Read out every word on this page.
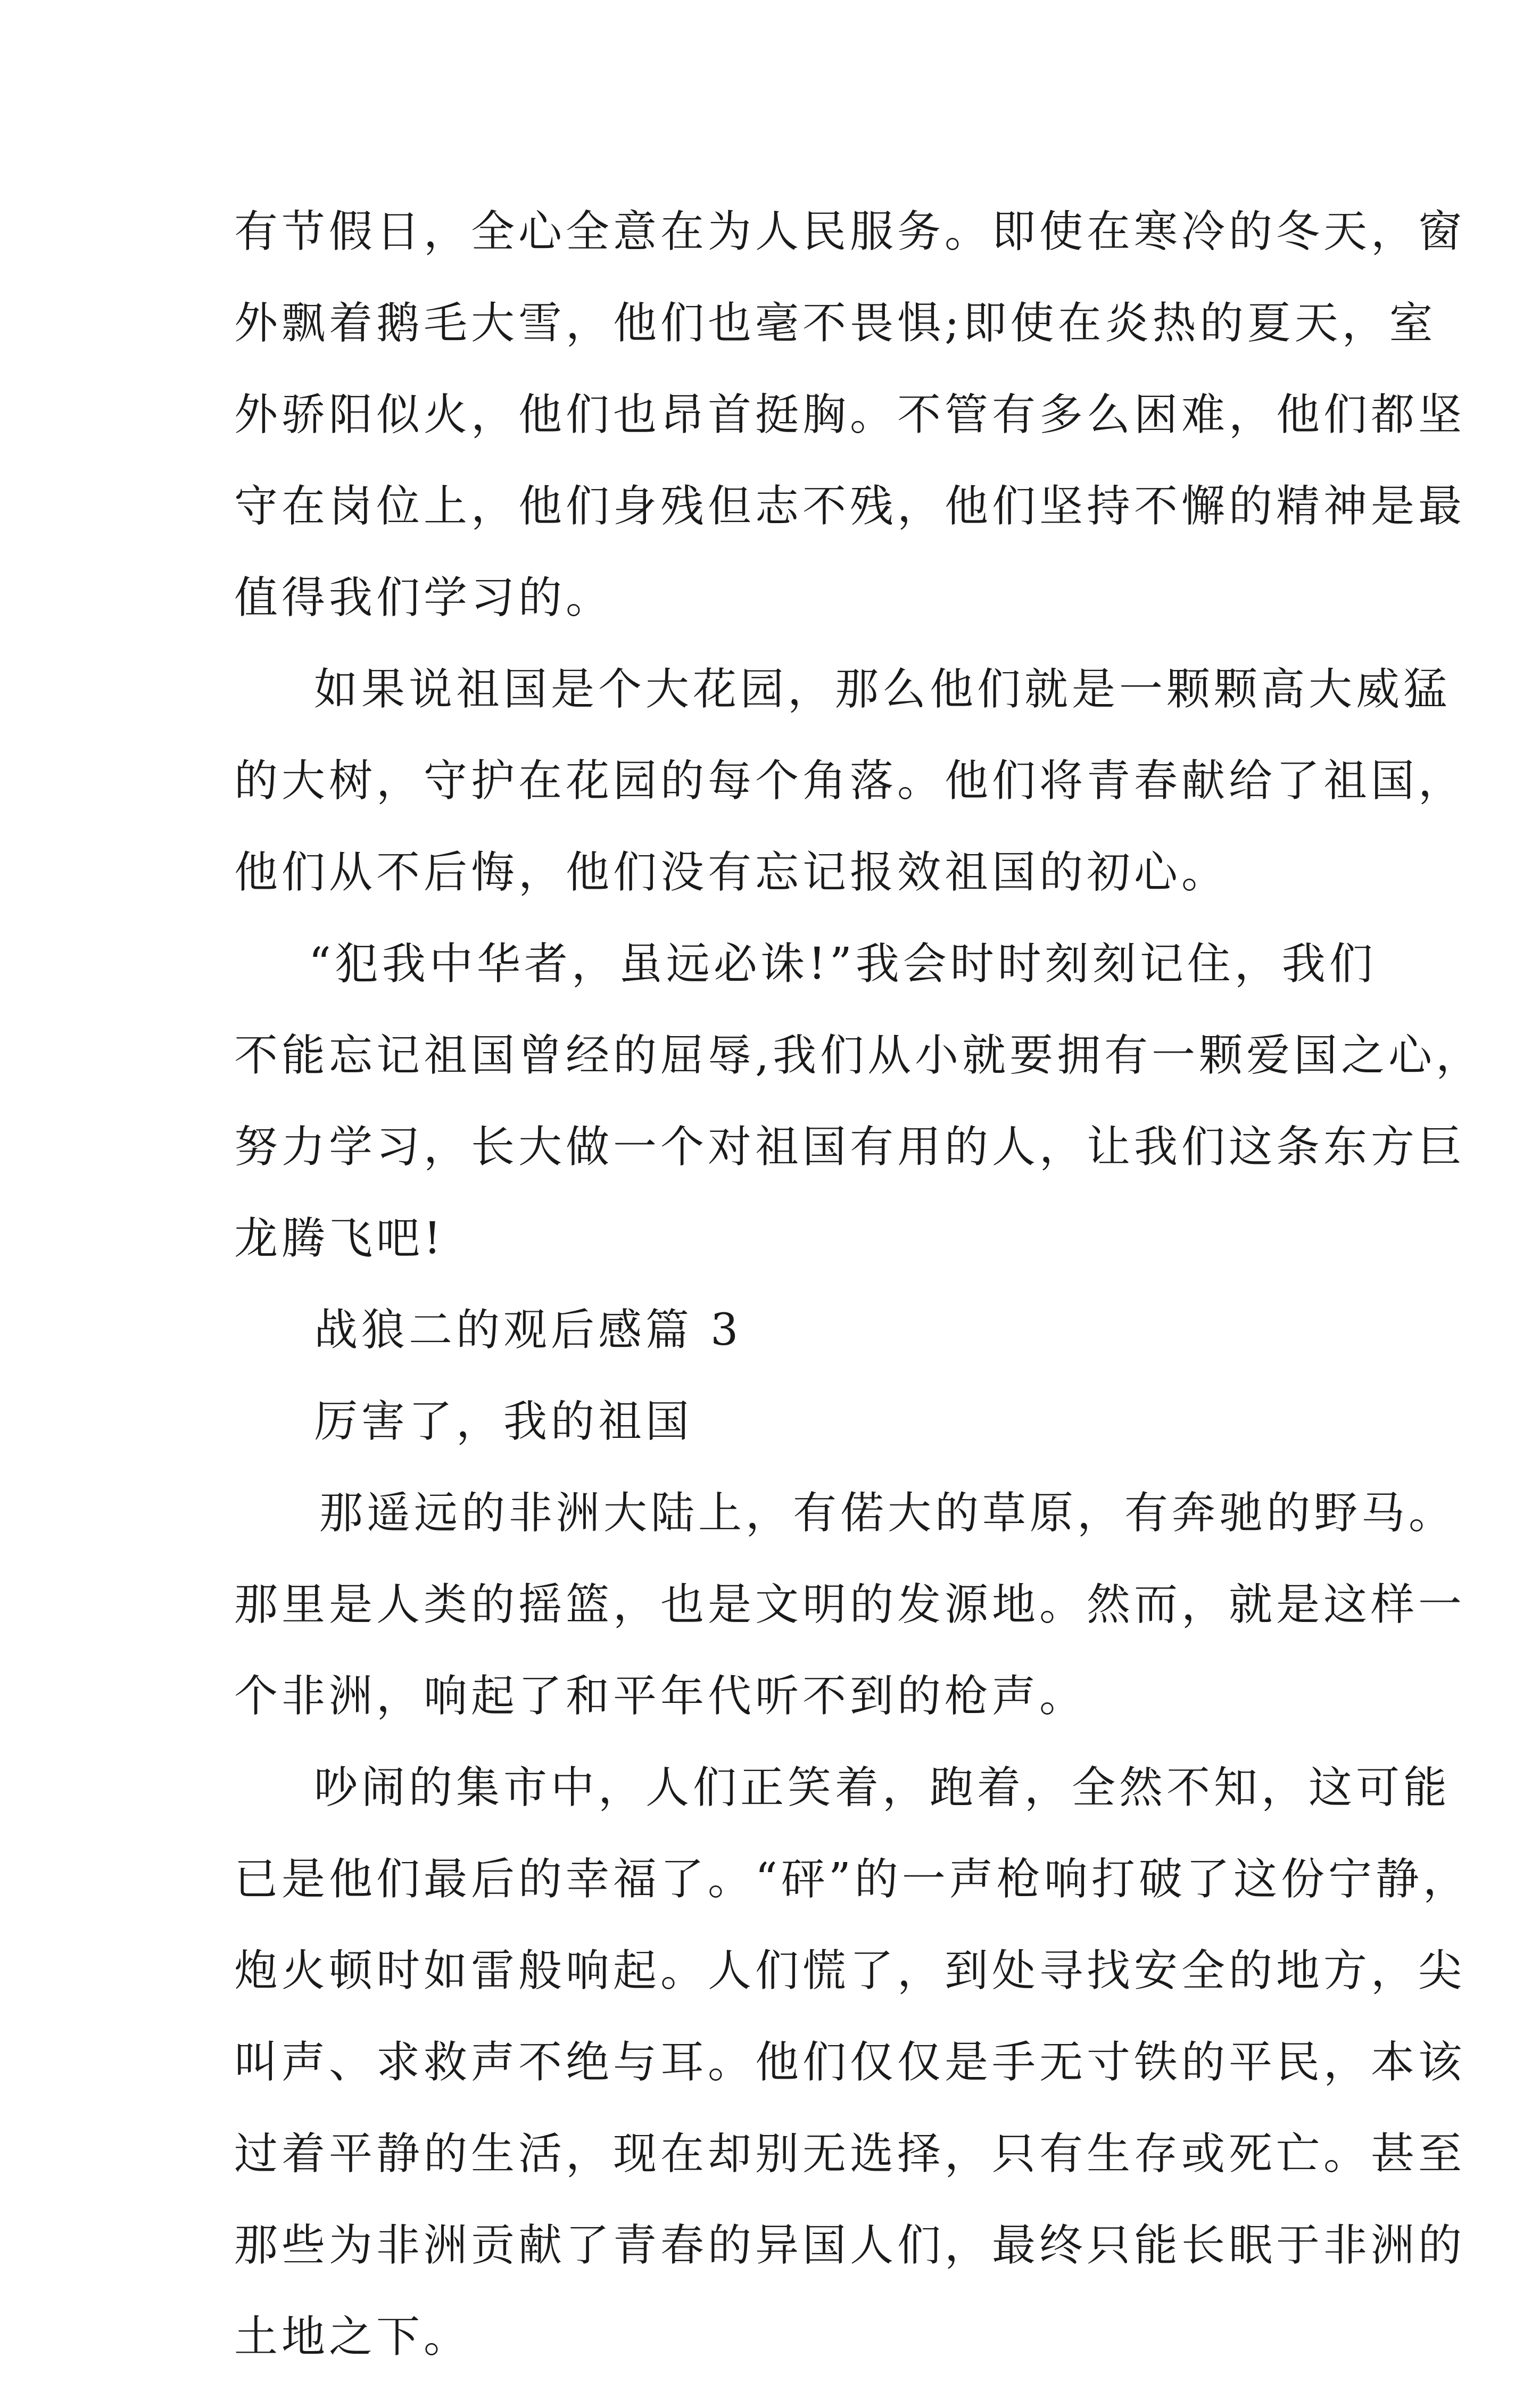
有节假日，全心全意在为人民服务。即使在寒冷的冬天，窗
外飘着鹅毛大雪，他们也毫不畏惧;即使在炎热的夏天，室
外骄阳似火，他们也昂首挺胸。不管有多么困难，他们都坚
守在岗位上，他们身残但志不残，他们坚持不懈的精神是最
值得我们学习的。
如果说祖国是个大花园，那么他们就是一颗颗高大威猛
的大树，守护在花园的每个角落。他们将青春献给了祖国，
他们从不后悔，他们没有忘记报效祖国的初心。
“犯我中华者，虽远必诛!”我会时时刻刻记住，我们
不能忘记祖国曾经的屈辱,我们从小就要拥有一颗爱国之心，
努力学习，长大做一个对祖国有用的人，让我们这条东方巨
龙腾飞吧!
战狼二的观后感篇 3
厉害了，我的祖国
那遥远的非洲大陆上，有偌大的草原，有奔驰的野马。
那里是人类的摇篮，也是文明的发源地。然而，就是这样一
个非洲，响起了和平年代听不到的枪声。
吵闹的集市中，人们正笑着，跑着，全然不知，这可能
已是他们最后的幸福了。“砰”的一声枪响打破了这份宁静，
炮火顿时如雷般响起。人们慌了，到处寻找安全的地方，尖
叫声、求救声不绝与耳。他们仅仅是手无寸铁的平民，本该
过着平静的生活，现在却别无选择，只有生存或死亡。甚至
那些为非洲贡献了青春的异国人们，最终只能长眠于非洲的
土地之下。
